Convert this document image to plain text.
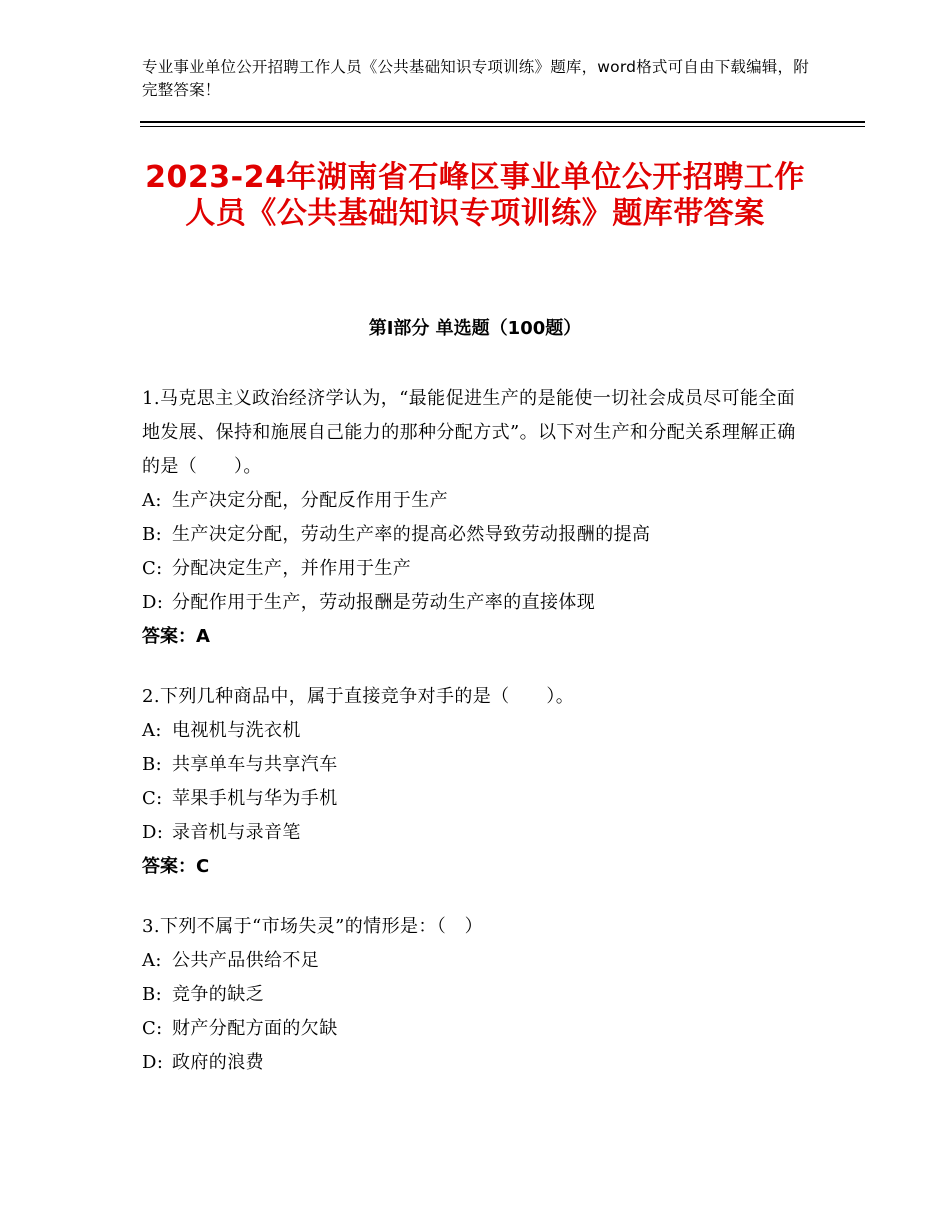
专业事业单位公开招聘工作人员《公共基础知识专项训练》题库，word格式可自由下载编辑，附完整答案！
2023-24年湖南省石峰区事业单位公开招聘工作人员《公共基础知识专项训练》题库带答案
第I部分 单选题（100题）

1.马克思主义政治经济学认为，“最能促进生产的是能使一切社会成员尽可能全面地发展、保持和施展自己能力的那种分配方式”。以下对生产和分配关系理解正确的是（　　）。

A: 生产决定分配，分配反作用于生产

B: 生产决定分配，劳动生产率的提高必然导致劳动报酬的提高

C: 分配决定生产，并作用于生产

D: 分配作用于生产，劳动报酬是劳动生产率的直接体现

答案：A

2.下列几种商品中，属于直接竞争对手的是（　　）。

A: 电视机与洗衣机

B: 共享单车与共享汽车

C: 苹果手机与华为手机

D: 录音机与录音笔

答案：C

3.下列不属于“市场失灵”的情形是：（　）

A: 公共产品供给不足

B: 竞争的缺乏

C: 财产分配方面的欠缺

D: 政府的浪费
